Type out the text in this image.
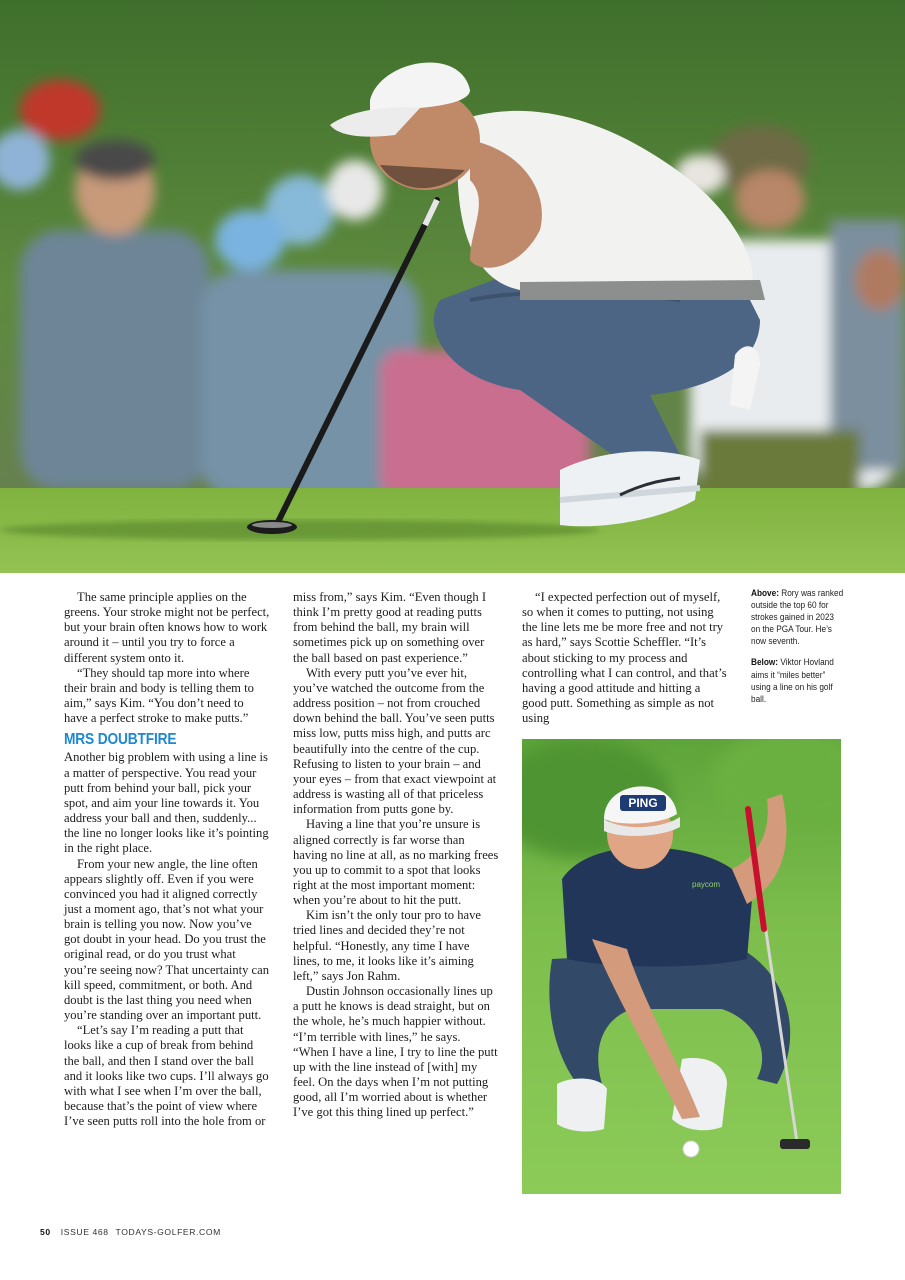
The same principle applies on the greens. Your stroke might not be perfect, but your brain often knows how to work around it – until you try to force a different system onto it.

“They should tap more into where their brain and body is telling them to aim,” says Kim. “You don’t need to have a perfect stroke to make putts.”

MRS DOUBTFIRE

Another big problem with using a line is a matter of perspective. You read your putt from behind your ball, pick your spot, and aim your line towards it. You address your ball and then, suddenly... the line no longer looks like it’s pointing in the right place.

From your new angle, the line often appears slightly off. Even if you were convinced you had it aligned correctly just a moment ago, that’s not what your brain is telling you now. Now you’ve got doubt in your head. Do you trust the original read, or do you trust what you’re seeing now? That uncertainty can kill speed, commitment, or both. And doubt is the last thing you need when you’re standing over an important putt.

“Let’s say I’m reading a putt that looks like a cup of break from behind the ball, and then I stand over the ball and it looks like two cups. I’ll always go with what I see when I’m over the ball, because that’s the point of view where I’ve seen putts roll into the hole from or

miss from,” says Kim. “Even though I think I’m pretty good at reading putts from behind the ball, my brain will sometimes pick up on something over the ball based on past experience.”

With every putt you’ve ever hit, you’ve watched the outcome from the address position – not from crouched down behind the ball. You’ve seen putts miss low, putts miss high, and putts arc beautifully into the centre of the cup. Refusing to listen to your brain – and your eyes – from that exact viewpoint at address is wasting all of that priceless information from putts gone by.

Having a line that you’re unsure is aligned correctly is far worse than having no line at all, as no marking frees you up to commit to a spot that looks right at the most important moment: when you’re about to hit the putt.

Kim isn’t the only tour pro to have tried lines and decided they’re not helpful. “Honestly, any time I have lines, to me, it looks like it’s aiming left,” says Jon Rahm.

Dustin Johnson occasionally lines up a putt he knows is dead straight, but on the whole, he’s much happier without. “I’m terrible with lines,” he says. “When I have a line, I try to line the putt up with the line instead of [with] my feel. On the days when I’m not putting good, all I’m worried about is whether I’ve got this thing lined up perfect.”

“I expected perfection out of myself, so when it comes to putting, not using the line lets me be more free and not try as hard,” says Scottie Scheffler. “It’s about sticking to my process and controlling what I can control, and that’s having a good attitude and hitting a good putt. Something as simple as not using

Above: Rory was ranked outside the top 60 for strokes gained in 2023 on the PGA Tour. He’s now seventh.

Below: Viktor Hovland aims it “miles better” using a line on his golf ball.

PING
paycom
50 ISSUE 468 TODAYS-GOLFER.COM
